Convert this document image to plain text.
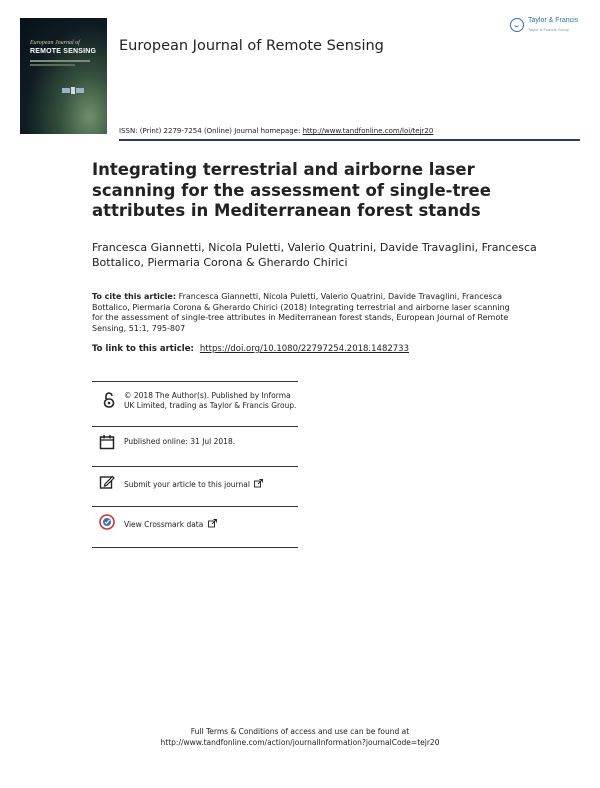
European Journal of
REMOTE SENSING European Journal of Remote Sensing
Taylor & Francis
Taylor & Francis Group
ISSN: (Print) 2279-7254 (Online) Journal homepage: http://www.tandfonline.com/loi/tejr20
Integrating terrestrial and airborne laser scanning for the assessment of single-tree attributes in Mediterranean forest stands
Francesca Giannetti, Nicola Puletti, Valerio Quatrini, Davide Travaglini, Francesca Bottalico, Piermaria Corona & Gherardo Chirici
To cite this article: Francesca Giannetti, Nicola Puletti, Valerio Quatrini, Davide Travaglini, Francesca Bottalico, Piermaria Corona & Gherardo Chirici (2018) Integrating terrestrial and airborne laser scanning for the assessment of single-tree attributes in Mediterranean forest stands, European Journal of Remote Sensing, 51:1, 795-807
To link to this article: https://doi.org/10.1080/22797254.2018.1482733
© 2018 The Author(s). Published by Informa UK Limited, trading as Taylor & Francis Group.
Published online: 31 Jul 2018.
Submit your article to this journal
View Crossmark data
Full Terms & Conditions of access and use can be found at
http://www.tandfonline.com/action/journalInformation?journalCode=tejr20
